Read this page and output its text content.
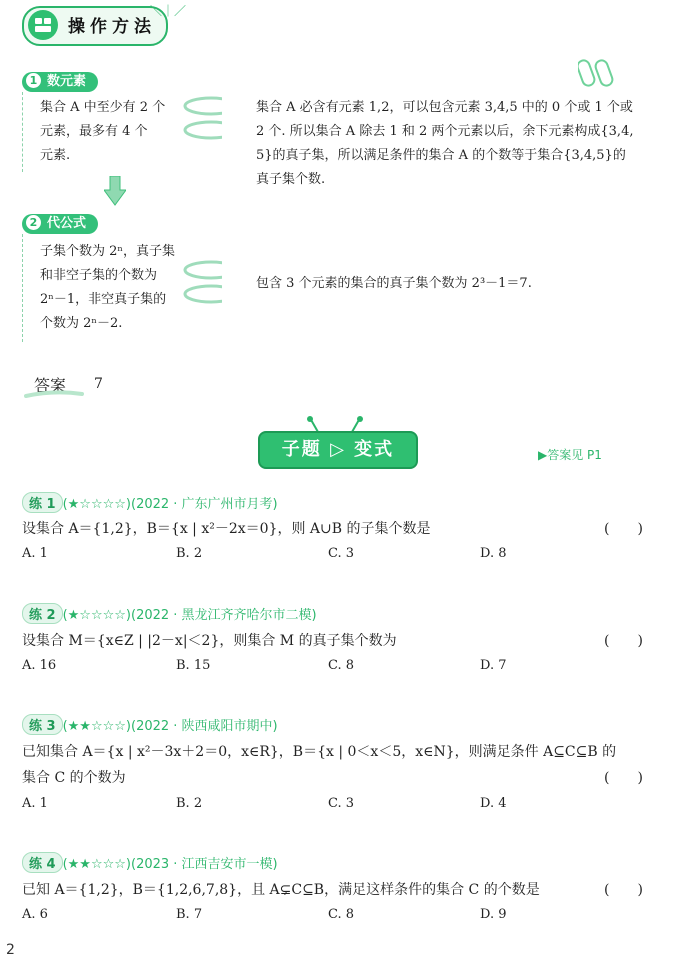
操作方法
＼｜／
1 数元素
集合 A 中至少有 2 个
元素，最多有 4 个
元素.
集合 A 必含有元素 1,2，可以包含元素 3,4,5 中的 0 个或 1 个或
2 个. 所以集合 A 除去 1 和 2 两个元素以后，余下元素构成{3,4,
5}的真子集，所以满足条件的集合 A 的个数等于集合{3,4,5}的
真子集个数.
2 代公式
子集个数为 2ⁿ，真子集
和非空子集的个数为
2ⁿ－1，非空真子集的
个数为 2ⁿ－2.
包含 3 个元素的集合的真子集个数为 2³－1＝7.
答案 7
子题 ▷ 变式	▶答案见 P1
练 1 (★☆☆☆☆)(2022 · 广东广州市月考)
设集合 A＝{1,2}，B＝{x | x²－2x＝0}，则 A∪B 的子集个数是	(　　)
A. 1	B. 2	C. 3	D. 8
练 2 (★☆☆☆☆)(2022 · 黑龙江齐齐哈尔市二模)
设集合 M＝{x∈Z | |2－x|＜2}，则集合 M 的真子集个数为	(　　)
A. 16	B. 15	C. 8	D. 7
练 3 (★★☆☆☆)(2022 · 陕西咸阳市期中)
已知集合 A＝{x | x²－3x＋2＝0，x∈R}，B＝{x | 0＜x＜5，x∈N}，则满足条件 A⊆C⊆B 的
集合 C 的个数为	(　　)
A. 1	B. 2	C. 3	D. 4
练 4 (★★☆☆☆)(2023 · 江西吉安市一模)
已知 A＝{1,2}，B＝{1,2,6,7,8}，且 A⊊C⊆B，满足这样条件的集合 C 的个数是	(　　)
A. 6	B. 7	C. 8	D. 9
2
